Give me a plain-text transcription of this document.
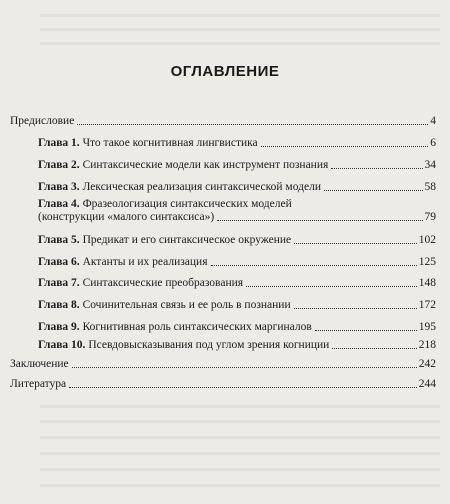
ОГЛАВЛЕНИЕ
Предисловие	4
Глава 1. Что такое когнитивная лингвистика	6
Глава 2. Синтаксические модели как инструмент познания	34
Глава 3. Лексическая реализация синтаксической модели	58
Глава 4. Фразеологизация синтаксических моделей
(конструкции «малого синтаксиса»)	79
Глава 5. Предикат и его синтаксическое окружение	102
Глава 6. Актанты и их реализация	125
Глава 7. Синтаксические преобразования	148
Глава 8. Сочинительная связь и ее роль в познании	172
Глава 9. Когнитивная роль синтаксических маргиналов	195
Глава 10. Псевдовысказывания под углом зрения когниции	218
Заключение	242
Литература	244
